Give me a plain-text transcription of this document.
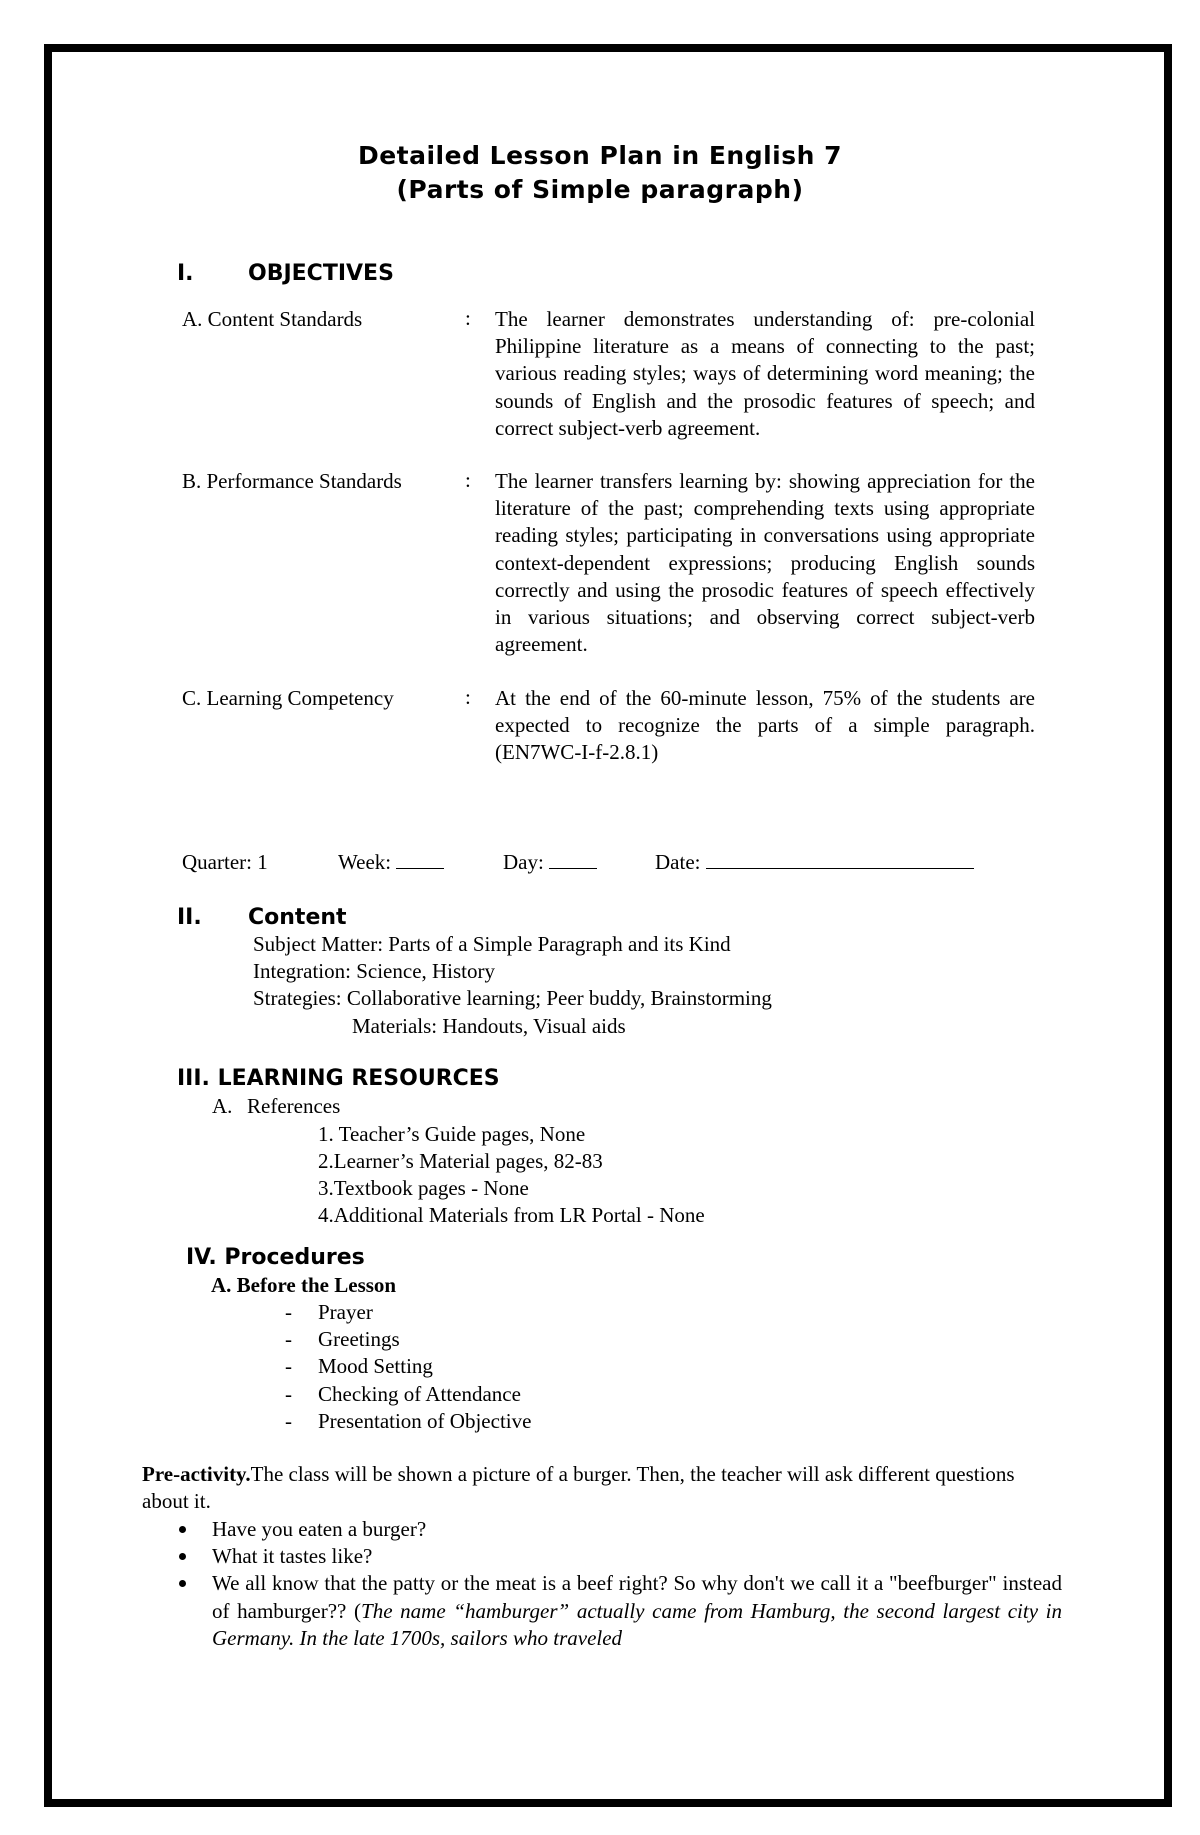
Detailed Lesson Plan in English 7
(Parts of Simple paragraph)
I. OBJECTIVES
A. Content Standards	: The learner demonstrates understanding of: pre-colonial Philippine literature as a means of connecting to the past; various reading styles; ways of determining word meaning; the sounds of English and the prosodic features of speech; and correct subject-verb agreement.
B. Performance Standards	: The learner transfers learning by: showing appreciation for the literature of the past; comprehending texts using appropriate reading styles; participating in conversations using appropriate context-dependent expressions; producing English sounds correctly and using the prosodic features of speech effectively in various situations; and observing correct subject-verb agreement.
C. Learning Competency	: At the end of the 60-minute lesson, 75% of the students are expected to recognize the parts of a simple paragraph. (EN7WC-I-f-2.8.1)
Quarter: 1	Week:	Day:	Date:
II. Content
Subject Matter: Parts of a Simple Paragraph and its Kind
Integration: Science, History
Strategies: Collaborative learning; Peer buddy, Brainstorming
Materials: Handouts, Visual aids
III. LEARNING RESOURCES
A. References
1. Teacher’s Guide pages, None
2.Learner’s Material pages, 82-83
3.Textbook pages - None
4.Additional Materials from LR Portal - None
IV. Procedures
A. Before the Lesson
- Prayer
- Greetings
- Mood Setting
- Checking of Attendance
- Presentation of Objective
Pre-activity.The class will be shown a picture of a burger. Then, the teacher will ask different questions about it.
Have you eaten a burger?
What it tastes like?
We all know that the patty or the meat is a beef right? So why don't we call it a "beefburger" instead of hamburger?? (The name “hamburger” actually came from Hamburg, the second largest city in Germany. In the late 1700s, sailors who traveled
